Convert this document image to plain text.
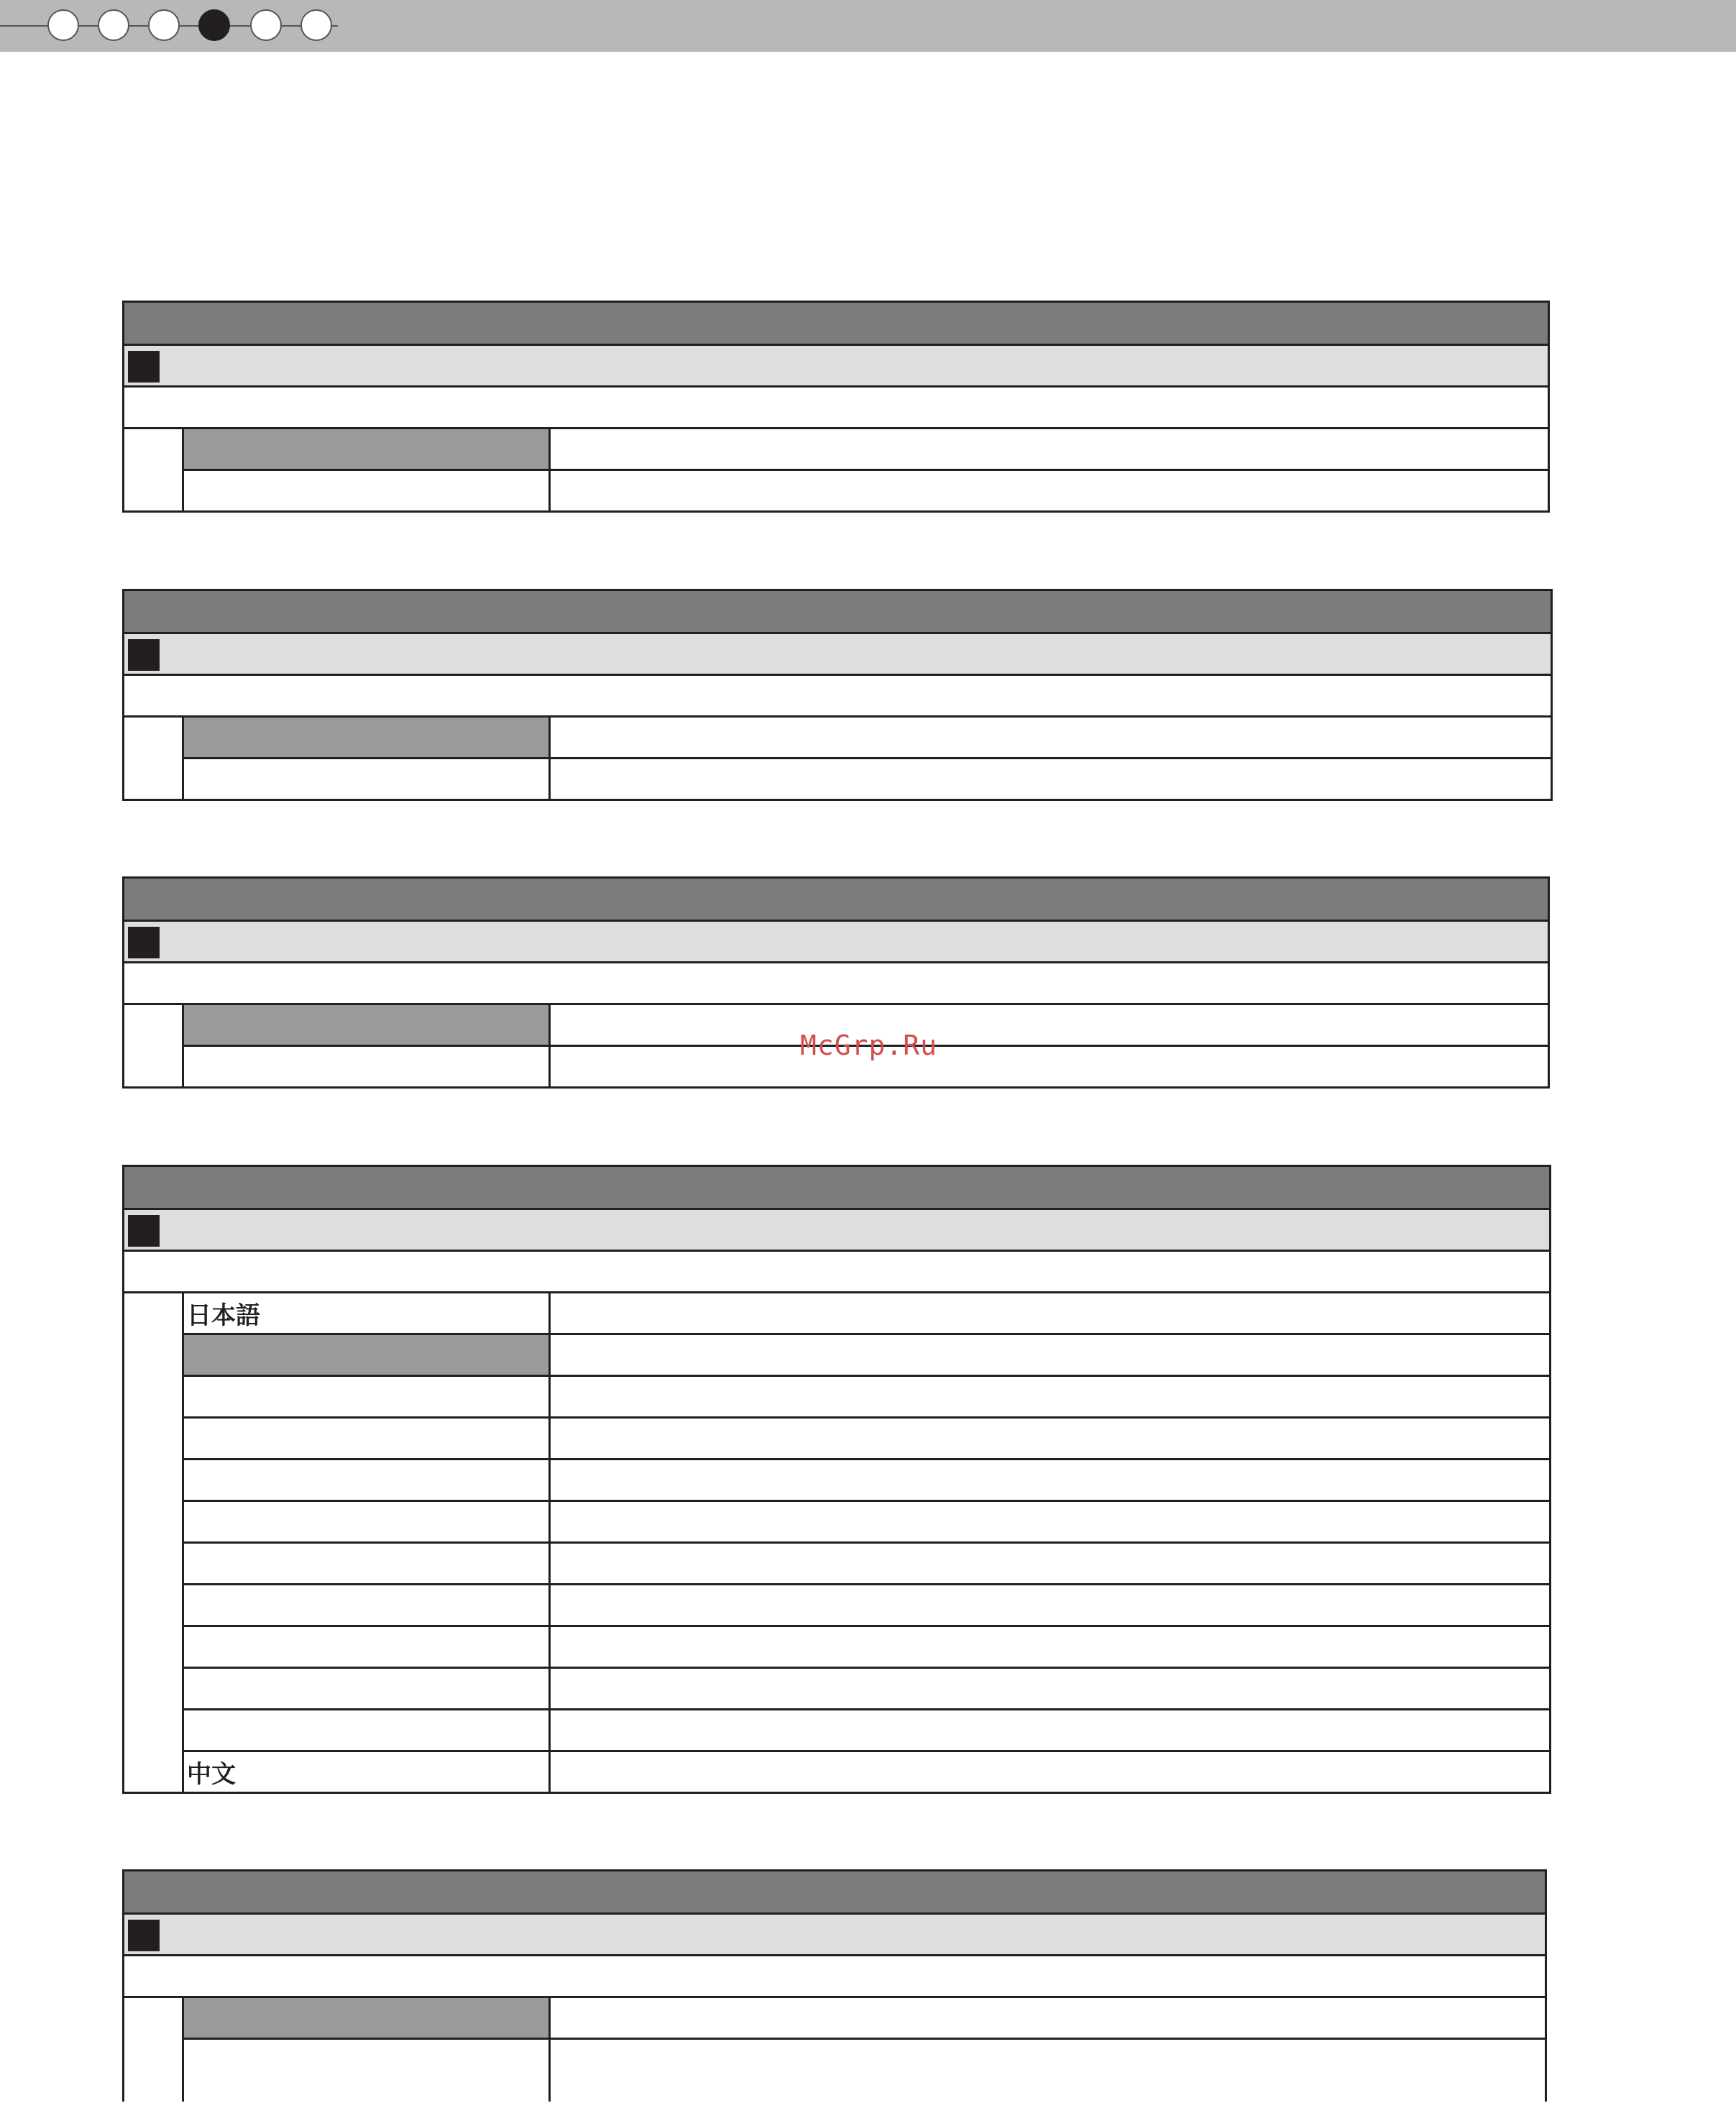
日本語
中文
McGrp.Ru
